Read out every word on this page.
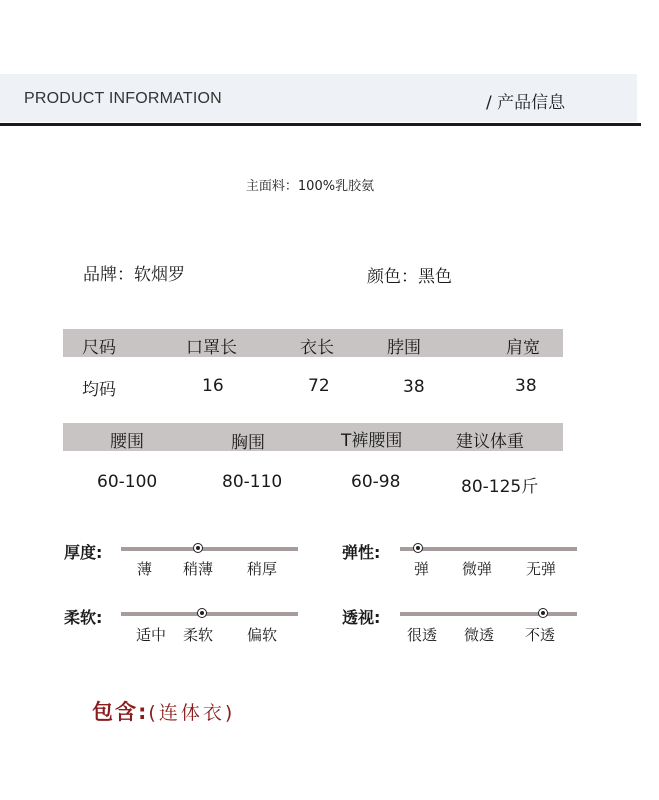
PRODUCT INFORMATION	/ 产品信息
主面料：100%乳胶氨
品牌：软烟罗	颜色：黑色
尺码	口罩长	衣长	脖围	肩宽
均码	16	72	38	38
腰围	胸围	T裤腰围	建议体重
60-100	80-110	60-98	80-125斤
厚度:
薄 稍薄 稍厚
弹性:
弹 微弹 无弹
柔软:
适中 柔软 偏软
透视:
很透 微透 不透
包含:(连体衣)
